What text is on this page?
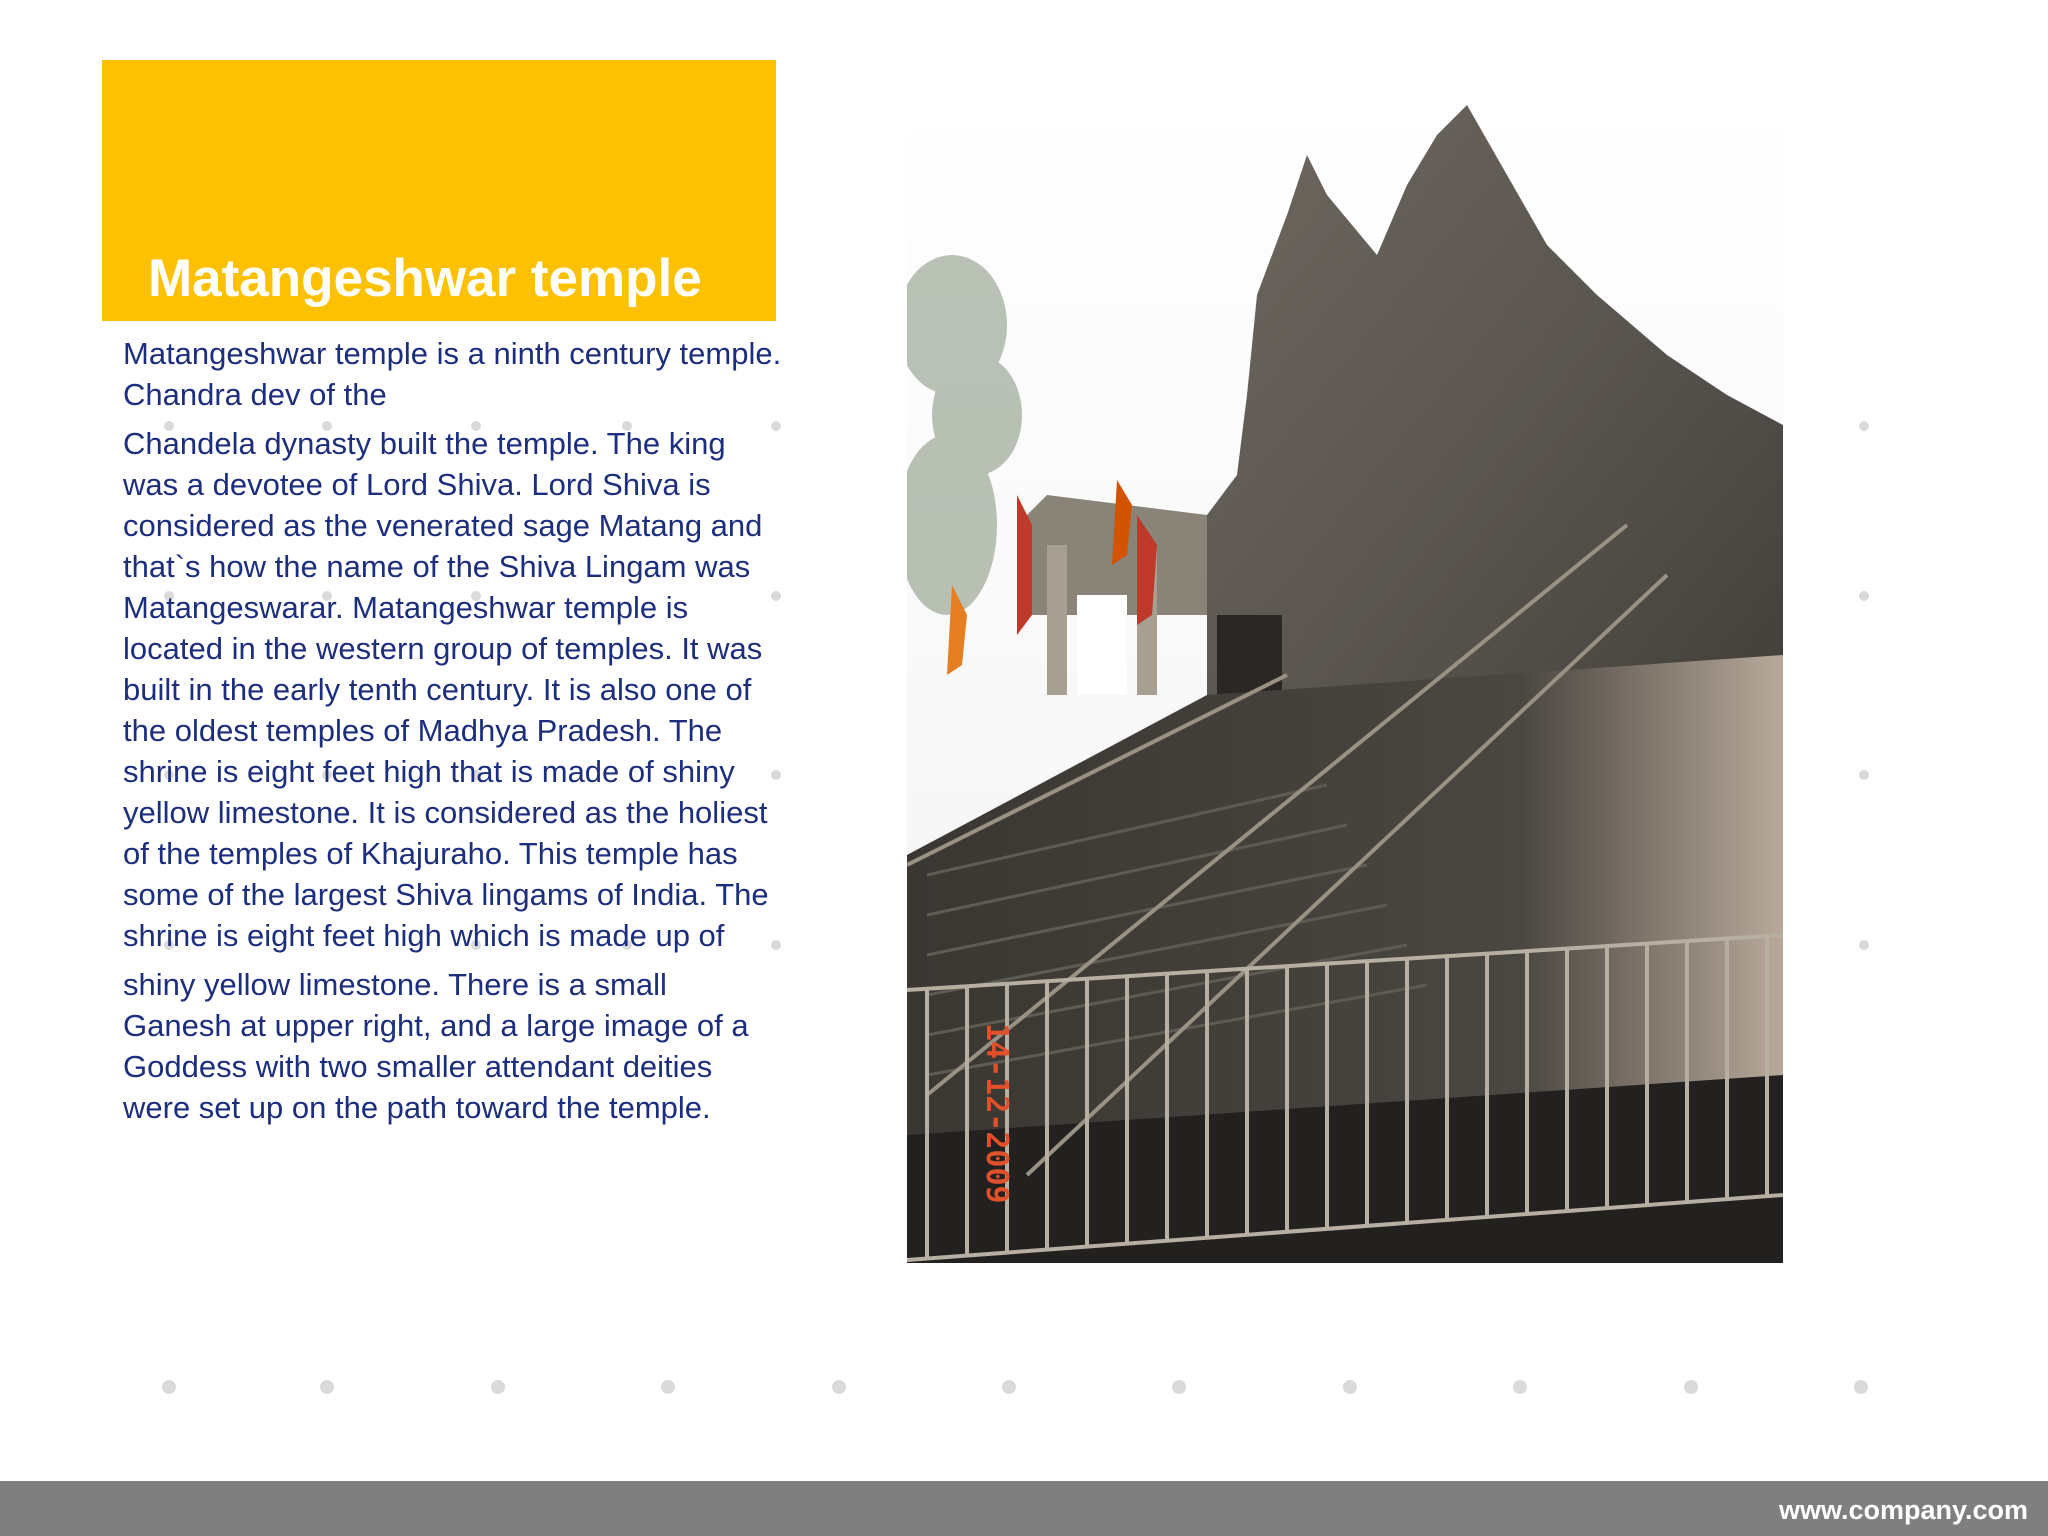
Matangeshwar temple

Matangeshwar temple is a ninth century temple. Chandra dev of the

Chandela dynasty built the temple. The king was a devotee of Lord Shiva. Lord Shiva is considered as the venerated sage Matang and that`s how the name of the Shiva Lingam was Matangeswarar. Matangeshwar temple is located in the western group of temples. It was built in the early tenth century. It is also one of the oldest temples of Madhya Pradesh. The shrine is eight feet high that is made of shiny yellow limestone. It is considered as the holiest of the temples of Khajuraho. This temple has some of the largest Shiva lingams of India. The shrine is eight feet high which is made up of

shiny yellow limestone. There is a small Ganesh at upper right, and a large image of a Goddess with two smaller attendant deities were set up on the path toward the temple.	14-12-2009
www.company.com
